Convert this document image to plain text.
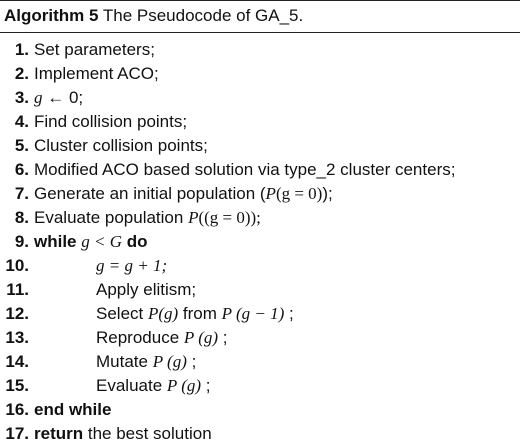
Algorithm 5 The Pseudocode of GA_5.
1. Set parameters;
2. Implement ACO;
3. g ← 0;
4. Find collision points;
5. Cluster collision points;
6. Modified ACO based solution via type_2 cluster centers;
7. Generate an initial population (P(g = 0));
8. Evaluate population P((g = 0));
9. while g < G do
10.	g = g + 1;
11.	Apply elitism;
12.	Select P(g) from P (g − 1) ;
13.	Reproduce P (g) ;
14.	Mutate P (g) ;
15.	Evaluate P (g) ;
16. end while
17. return the best solution
